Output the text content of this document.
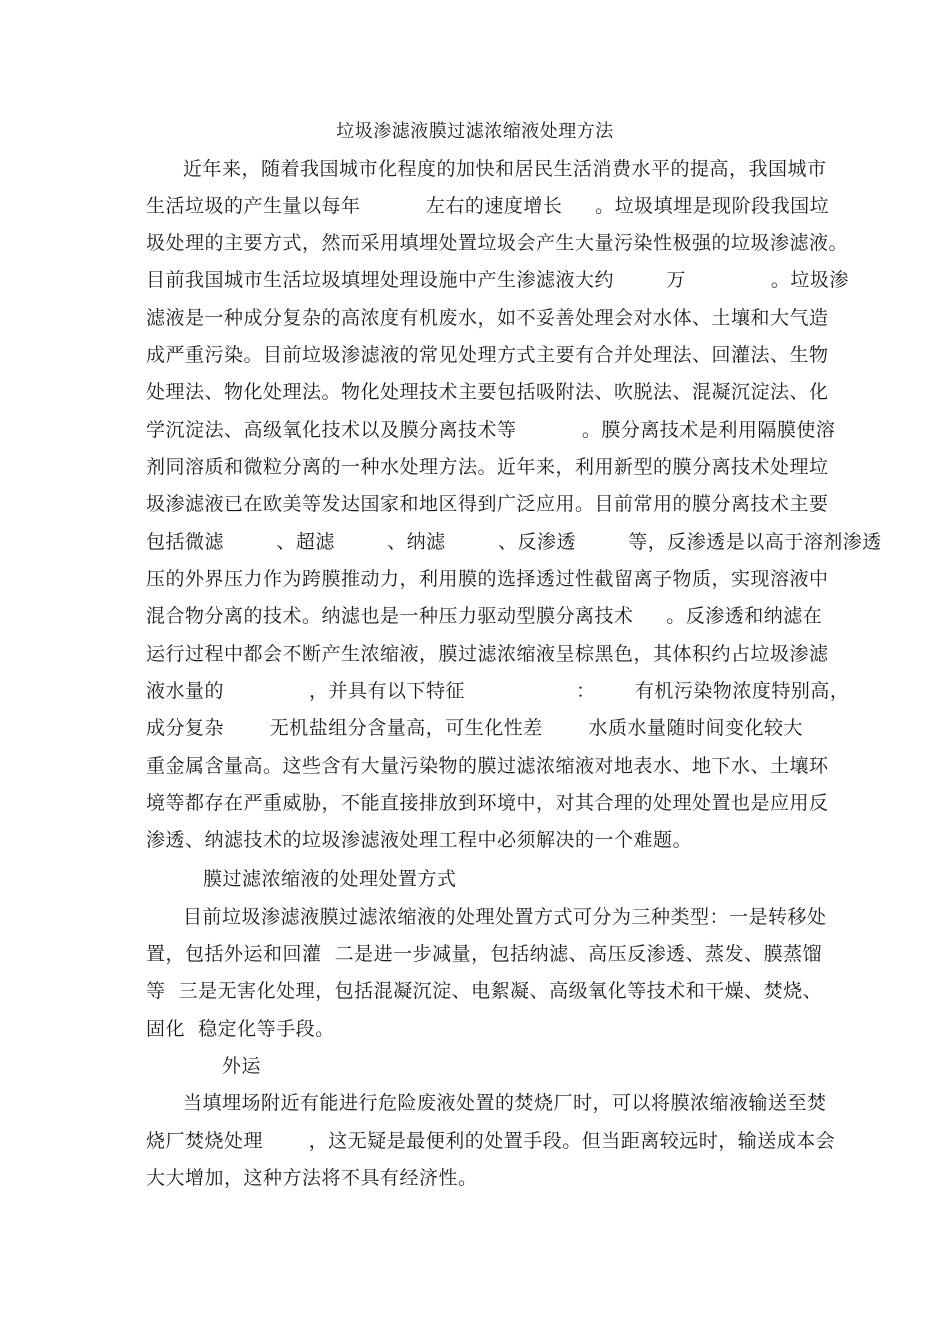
垃圾渗滤液膜过滤浓缩液处理方法

近年来，随着我国城市化程度的加快和居民生活消费水平的提高，我国城市

生活垃圾的产生量以每年          左右的速度增长     。垃圾填埋是现阶段我国垃

圾处理的主要方式，然而采用填埋处置垃圾会产生大量污染性极强的垃圾渗滤液。

目前我国城市生活垃圾填埋处理设施中产生渗滤液大约        万             。垃圾渗

滤液是一种成分复杂的高浓度有机废水，如不妥善处理会对水体、土壤和大气造

成严重污染。目前垃圾渗滤液的常见处理方式主要有合并处理法、回灌法、生物

处理法、物化处理法。物化处理技术主要包括吸附法、吹脱法、混凝沉淀法、化

学沉淀法、高级氧化技术以及膜分离技术等          。膜分离技术是利用隔膜使溶

剂同溶质和微粒分离的一种水处理方法。近年来，利用新型的膜分离技术处理垃

圾渗滤液已在欧美等发达国家和地区得到广泛应用。目前常用的膜分离技术主要

包括微滤        、超滤        、纳滤        、反渗透        等，反渗透是以高于溶剂渗透

压的外界压力作为跨膜推动力，利用膜的选择透过性截留离子物质，实现溶液中

混合物分离的技术。纳滤也是一种压力驱动型膜分离技术     。反渗透和纳滤在

运行过程中都会不断产生浓缩液，膜过滤浓缩液呈棕黑色，其体积约占垃圾渗滤

液水量的             ，并具有以下特征                 ：      有机污染物浓度特别高，

成分复杂       无机盐组分含量高，可生化性差       水质水量随时间变化较大

重金属含量高。这些含有大量污染物的膜过滤浓缩液对地表水、地下水、土壤环

境等都存在严重威胁，不能直接排放到环境中，对其合理的处理处置也是应用反

渗透、纳滤技术的垃圾渗滤液处理工程中必须解决的一个难题。

膜过滤浓缩液的处理处置方式

目前垃圾渗滤液膜过滤浓缩液的处理处置方式可分为三种类型：一是转移处

置，包括外运和回灌  二是进一步减量，包括纳滤、高压反渗透、蒸发、膜蒸馏

等  三是无害化处理，包括混凝沉淀、电絮凝、高级氧化等技术和干燥、焚烧、

固化  稳定化等手段。

外运

当填埋场附近有能进行危险废液处置的焚烧厂时，可以将膜浓缩液输送至焚

烧厂焚烧处理       ，这无疑是最便利的处置手段。但当距离较远时，输送成本会

大大增加，这种方法将不具有经济性。
